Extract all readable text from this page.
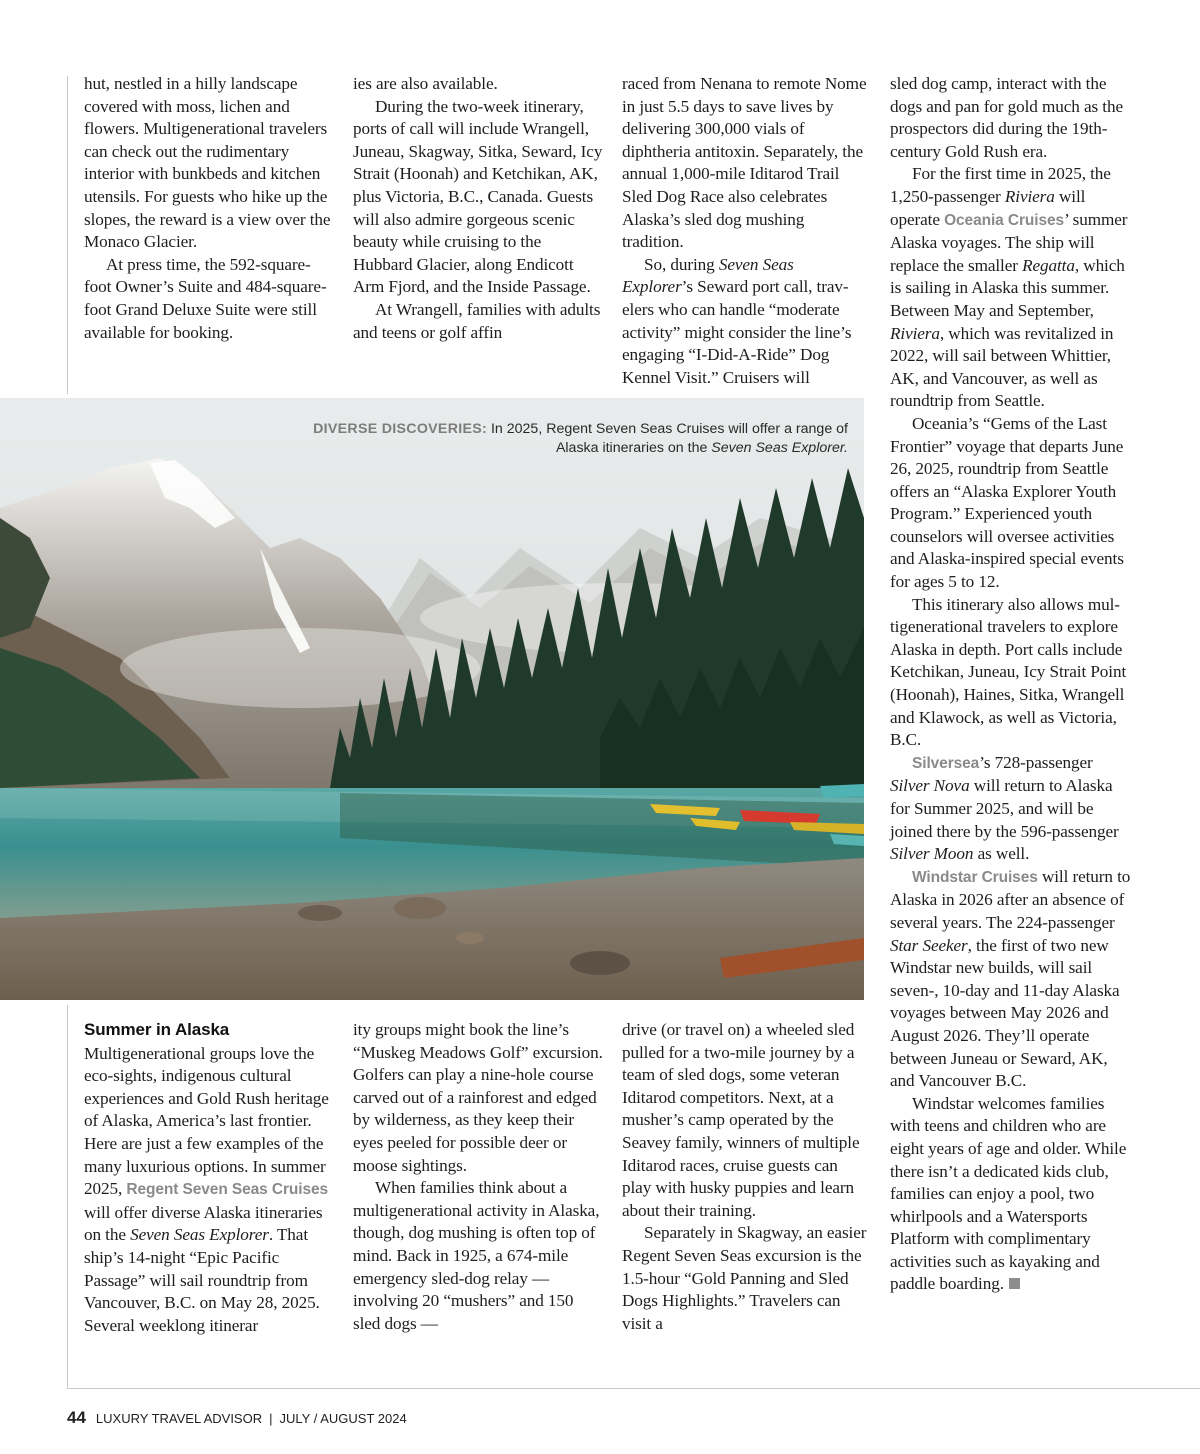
hut, nestled in a hilly landscape covered with moss, lichen and flowers. Multigenerational travelers can check out the rudimentary interior with bunkbeds and kitchen utensils. For guests who hike up the slopes, the reward is a view over the Monaco Glacier.

At press time, the 592-square-foot Owner’s Suite and 484-square-foot Grand Deluxe Suite were still available for booking.

ies are also available.

During the two-week itinerary, ports of call will include Wrangell, Juneau, Skagway, Sitka, Seward, Icy Strait (Hoonah) and Ketchikan, AK, plus Victoria, B.C., Canada. Guests will also admire gorgeous scenic beauty while cruising to the Hubbard Glacier, along Endicott Arm Fjord, and the Inside Passage.

At Wrangell, families with adults and teens or golf affin

raced from Nenana to remote Nome in just 5.5 days to save lives by delivering 300,000 vials of diphtheria antitoxin. Separately, the annual 1,000-mile Iditarod Trail Sled Dog Race also celebrates Alaska’s sled dog mushing tradition.

So, during Seven Seas Explorer’s Seward port call, travelers who can handle “moderate activity” might consider the line’s engaging “I-Did-A-Ride” Dog Kennel Visit.” Cruisers will

sled dog camp, interact with the dogs and pan for gold much as the prospectors did during the 19th-century Gold Rush era.

For the first time in 2025, the 1,250-passenger Riviera will operate Oceania Cruises’ summer Alaska voyages. The ship will replace the smaller Regatta, which is sailing in Alaska this summer. Between May and September, Riviera, which was revitalized in 2022, will sail between Whittier, AK, and Vancouver, as well as roundtrip from Seattle.

Oceania’s “Gems of the Last Frontier” voyage that departs June 26, 2025, roundtrip from Seattle offers an “Alaska Explorer Youth Program.” Experienced youth counselors will oversee activities and Alaska-inspired special events for ages 5 to 12.

This itinerary also allows multigenerational travelers to explore Alaska in depth. Port calls include Ketchikan, Juneau, Icy Strait Point (Hoonah), Haines, Sitka, Wrangell and Klawock, as well as Victoria, B.C.

Silversea’s 728-passenger Silver Nova will return to Alaska for Summer 2025, and will be joined there by the 596-passenger Silver Moon as well.

Windstar Cruises will return to Alaska in 2026 after an absence of several years. The 224-passenger Star Seeker, the first of two new Windstar new builds, will sail seven-, 10-day and 11-day Alaska voyages between May 2026 and August 2026. They’ll operate between Juneau or Seward, AK, and Vancouver B.C.

Windstar welcomes families with teens and children who are eight years of age and older. While there isn’t a dedicated kids club, families can enjoy a pool, two whirlpools and a Watersports Platform with complimentary activities such as kayaking and paddle boarding.

DIVERSE DISCOVERIES: In 2025, Regent Seven Seas Cruises will offer a range of Alaska itineraries on the Seven Seas Explorer.

Summer in Alaska

Multigenerational groups love the eco-sights, indigenous cultural experiences and Gold Rush heritage of Alaska, America’s last frontier. Here are just a few examples of the many luxurious options. In summer 2025, Regent Seven Seas Cruises will offer diverse Alaska itineraries on the Seven Seas Explorer. That ship’s 14-night “Epic Pacific Passage” will sail roundtrip from Vancouver, B.C. on May 28, 2025. Several weeklong itinerar

ity groups might book the line’s “Muskeg Meadows Golf” excursion. Golfers can play a nine-hole course carved out of a rainforest and edged by wilderness, as they keep their eyes peeled for possible deer or moose sightings.

When families think about a multigenerational activity in Alaska, though, dog mushing is often top of mind. Back in 1925, a 674-mile emergency sled-dog relay — involving 20 “mushers” and 150 sled dogs —

drive (or travel on) a wheeled sled pulled for a two-mile journey by a team of sled dogs, some veteran Iditarod competitors. Next, at a musher’s camp operated by the Seavey family, winners of multiple Iditarod races, cruise guests can play with husky puppies and learn about their training.

Separately in Skagway, an easier Regent Seven Seas excursion is the 1.5-hour “Gold Panning and Sled Dogs Highlights.” Travelers can visit a

44 LUXURY TRAVEL ADVISOR | JULY / AUGUST 2024
